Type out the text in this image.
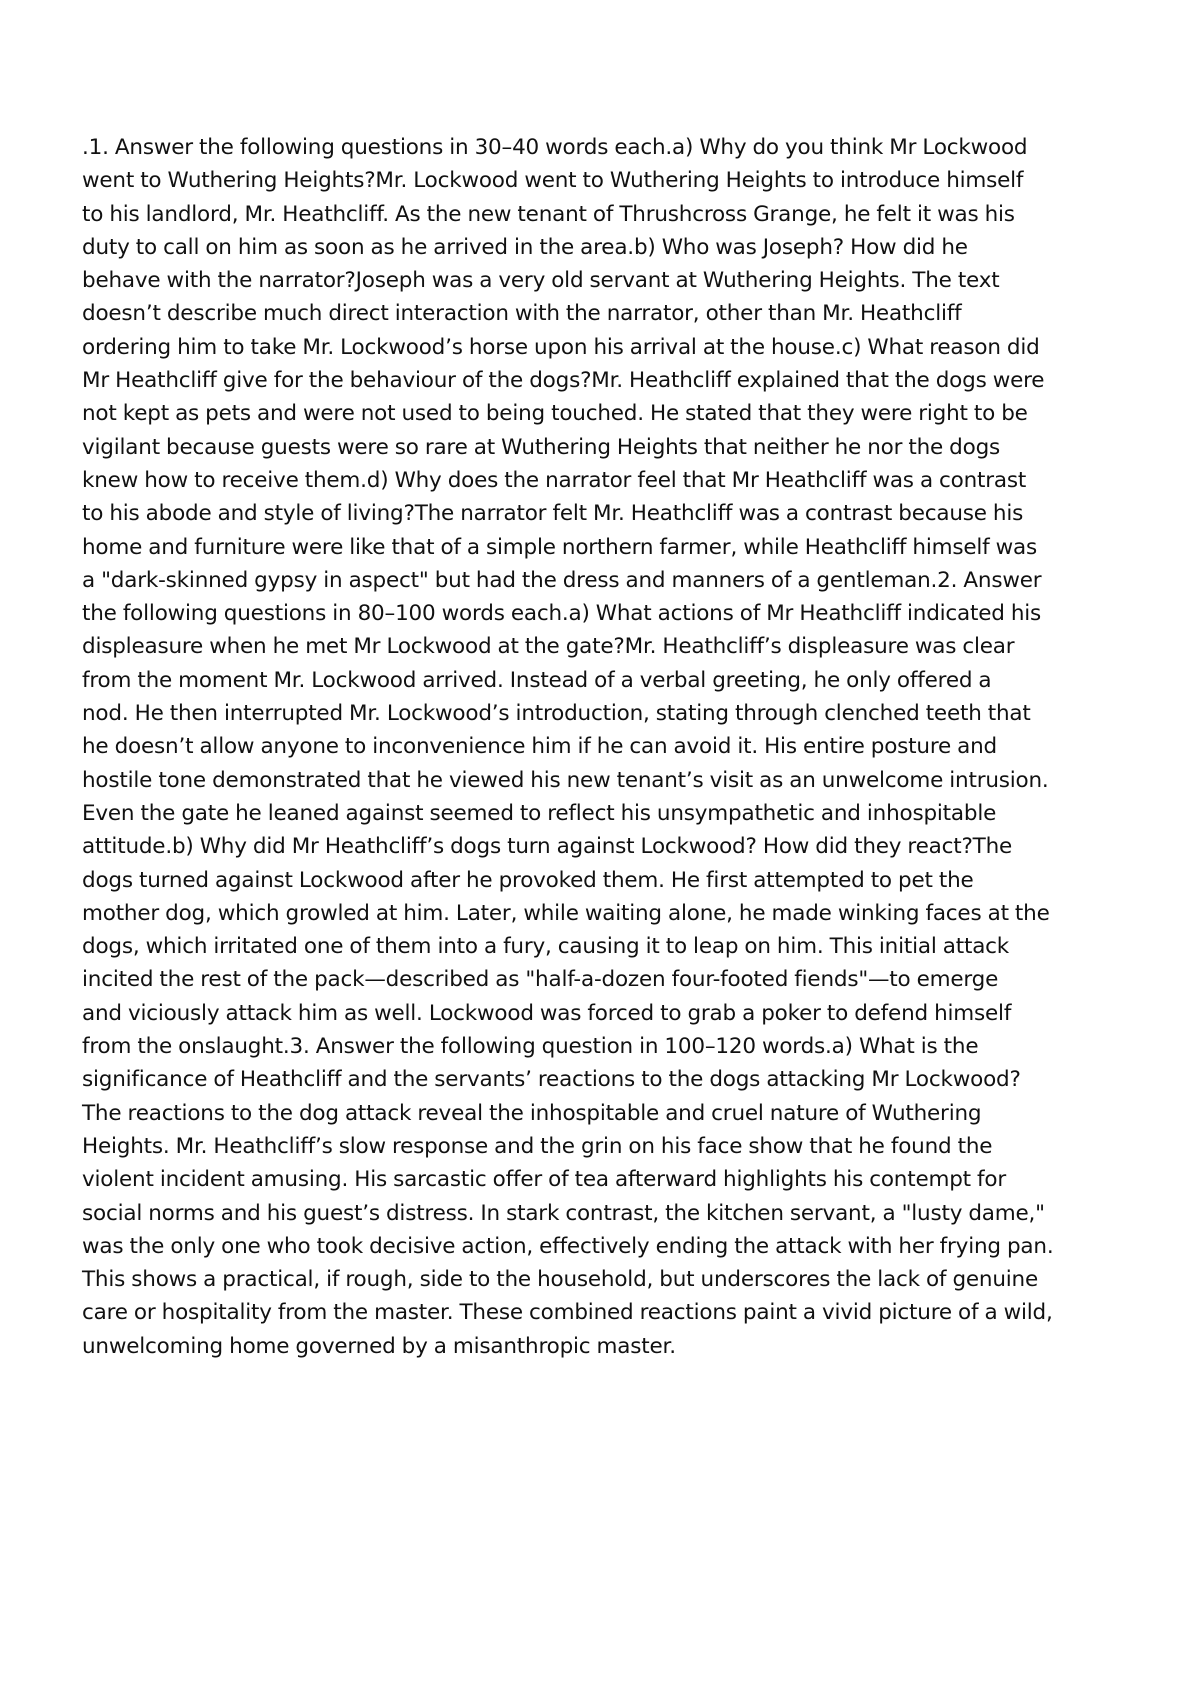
.1. Answer the following questions in 30–40 words each.a) Why do you think Mr Lockwood
went to Wuthering Heights?Mr. Lockwood went to Wuthering Heights to introduce himself
to his landlord, Mr. Heathcliff. As the new tenant of Thrushcross Grange, he felt it was his
duty to call on him as soon as he arrived in the area.b) Who was Joseph? How did he
behave with the narrator?Joseph was a very old servant at Wuthering Heights. The text
doesn’t describe much direct interaction with the narrator, other than Mr. Heathcliff
ordering him to take Mr. Lockwood’s horse upon his arrival at the house.c) What reason did
Mr Heathcliff give for the behaviour of the dogs?Mr. Heathcliff explained that the dogs were
not kept as pets and were not used to being touched. He stated that they were right to be
vigilant because guests were so rare at Wuthering Heights that neither he nor the dogs
knew how to receive them.d) Why does the narrator feel that Mr Heathcliff was a contrast
to his abode and style of living?The narrator felt Mr. Heathcliff was a contrast because his
home and furniture were like that of a simple northern farmer, while Heathcliff himself was
a "dark-skinned gypsy in aspect" but had the dress and manners of a gentleman.2. Answer
the following questions in 80–100 words each.a) What actions of Mr Heathcliff indicated his
displeasure when he met Mr Lockwood at the gate?Mr. Heathcliff’s displeasure was clear
from the moment Mr. Lockwood arrived. Instead of a verbal greeting, he only offered a
nod. He then interrupted Mr. Lockwood’s introduction, stating through clenched teeth that
he doesn’t allow anyone to inconvenience him if he can avoid it. His entire posture and
hostile tone demonstrated that he viewed his new tenant’s visit as an unwelcome intrusion.
Even the gate he leaned against seemed to reflect his unsympathetic and inhospitable
attitude.b) Why did Mr Heathcliff’s dogs turn against Lockwood? How did they react?The
dogs turned against Lockwood after he provoked them. He first attempted to pet the
mother dog, which growled at him. Later, while waiting alone, he made winking faces at the
dogs, which irritated one of them into a fury, causing it to leap on him. This initial attack
incited the rest of the pack—described as "half-a-dozen four-footed fiends"—to emerge
and viciously attack him as well. Lockwood was forced to grab a poker to defend himself
from the onslaught.3. Answer the following question in 100–120 words.a) What is the
significance of Heathcliff and the servants’ reactions to the dogs attacking Mr Lockwood?
The reactions to the dog attack reveal the inhospitable and cruel nature of Wuthering
Heights. Mr. Heathcliff’s slow response and the grin on his face show that he found the
violent incident amusing. His sarcastic offer of tea afterward highlights his contempt for
social norms and his guest’s distress. In stark contrast, the kitchen servant, a "lusty dame,"
was the only one who took decisive action, effectively ending the attack with her frying pan.
This shows a practical, if rough, side to the household, but underscores the lack of genuine
care or hospitality from the master. These combined reactions paint a vivid picture of a wild,
unwelcoming home governed by a misanthropic master.
